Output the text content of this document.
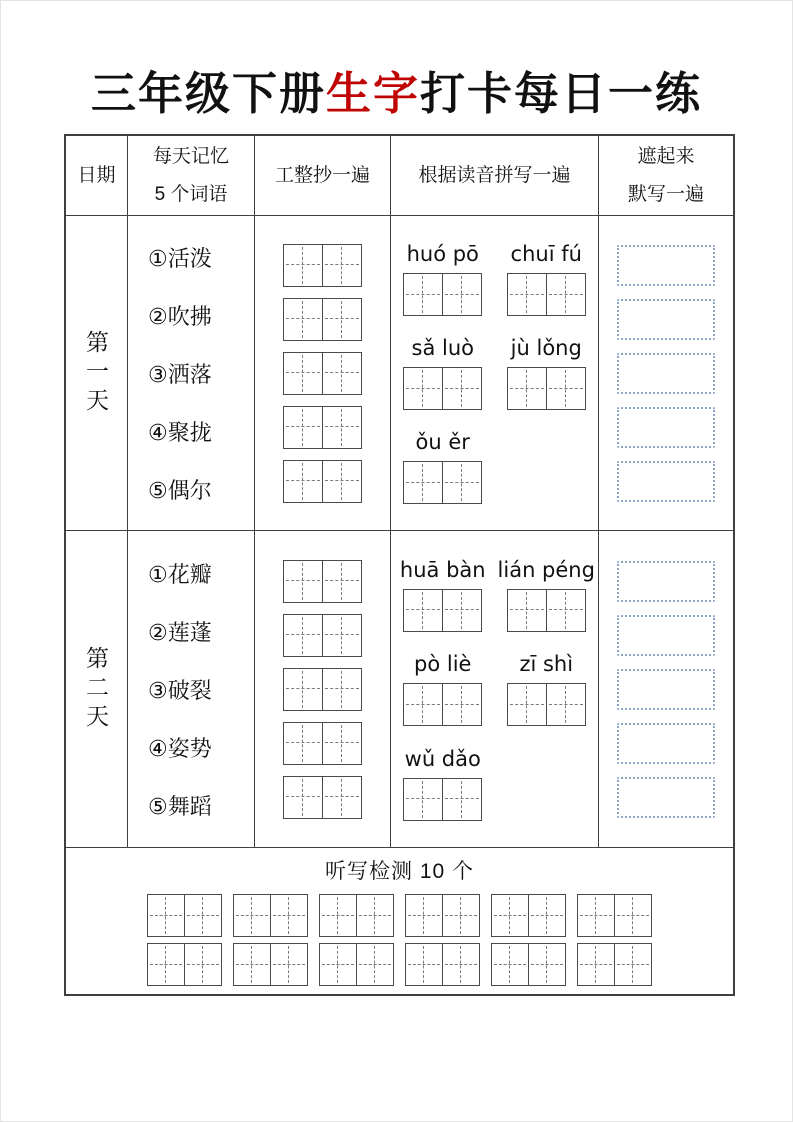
三年级下册生字打卡每日一练
日期
每天记忆
5 个词语
工整抄一遍	根据读音拼写一遍
遮起来
默写一遍
第一天
①活泼
②吹拂
③洒落
④聚拢
⑤偶尔
huó pō chuī fú
sǎ luò jù lǒng
ǒu ěr
第二天
①花瓣
②莲蓬
③破裂
④姿势
⑤舞蹈
huā bàn lián péng
pò liè zī shì
wǔ dǎo
听写检测 10 个
